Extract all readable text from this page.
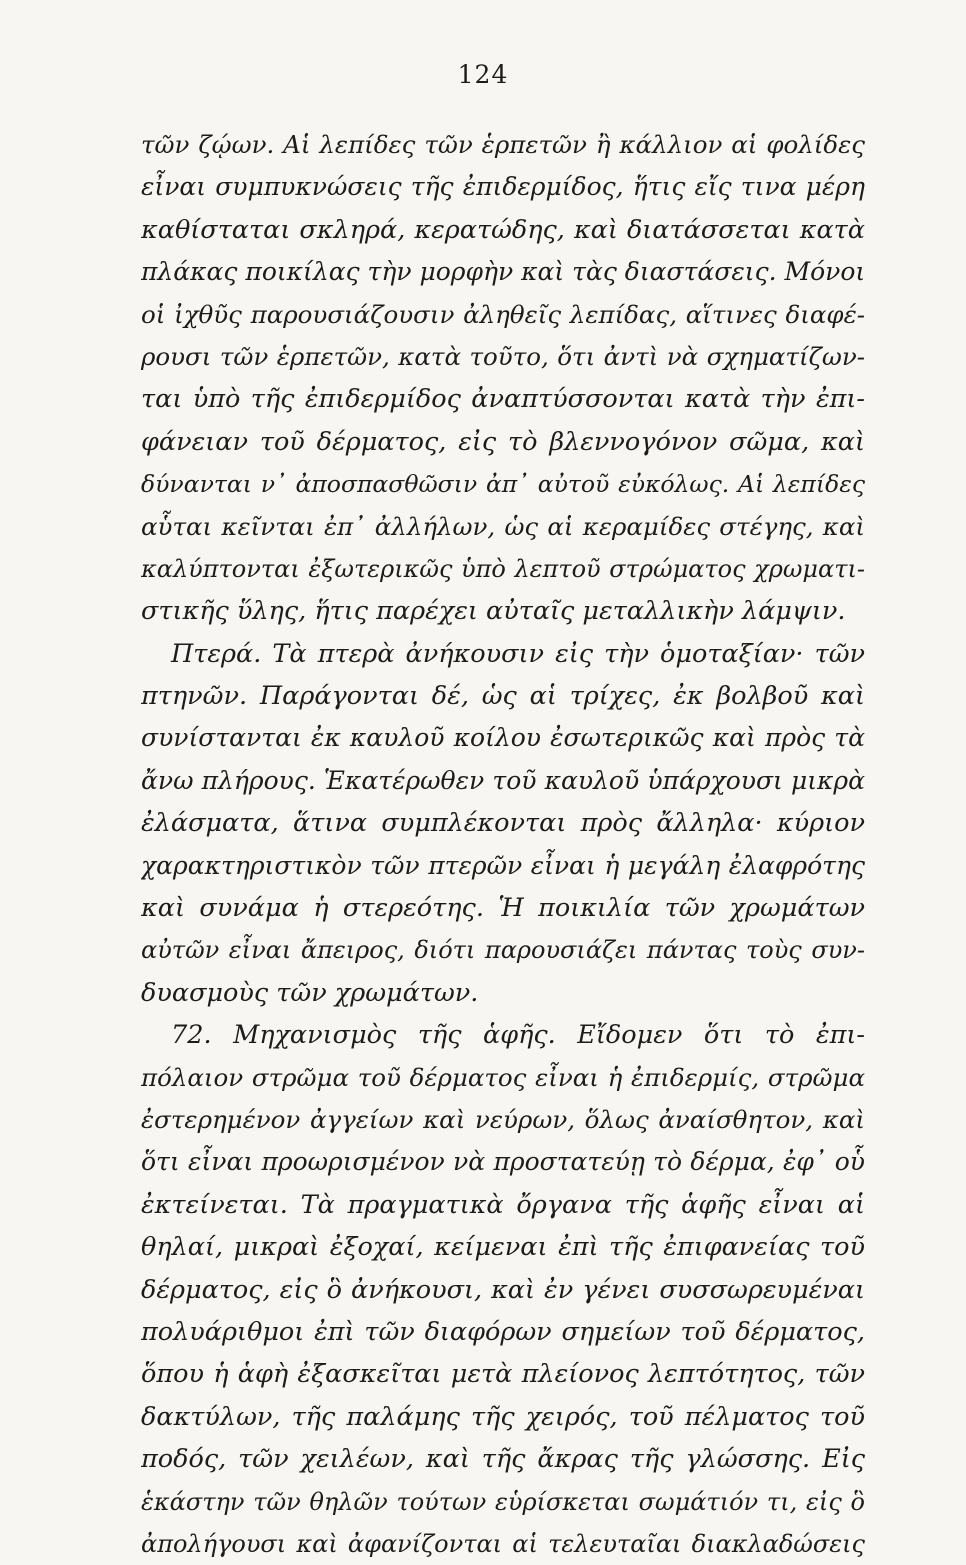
124
τῶν ζῴων. Αἱ λεπίδες τῶν ἑρπετῶν ἢ κάλλιον αἱ φολίδες
εἶναι συμπυκνώσεις τῆς ἐπιδερμίδος, ἥτις εἴς τινα μέρη
καθίσταται σκληρά, κερατώδης, καὶ διατάσσεται κατὰ
πλάκας ποικίλας τὴν μορφὴν καὶ τὰς διαστάσεις. Μόνοι
οἱ ἰχθῦς παρουσιάζουσιν ἀληθεῖς λεπίδας, αἵτινες διαφέ-
ρουσι τῶν ἑρπετῶν, κατὰ τοῦτο, ὅτι ἀντὶ νὰ σχηματίζων-
ται ὑπὸ τῆς ἐπιδερμίδος ἀναπτύσσονται κατὰ τὴν ἐπι-
φάνειαν τοῦ δέρματος, εἰς τὸ βλεννογόνον σῶμα, καὶ
δύνανται ν᾽ ἀποσπασθῶσιν ἀπ᾽ αὐτοῦ εὐκόλως. Αἱ λεπίδες
αὗται κεῖνται ἐπ᾽ ἀλλήλων, ὡς αἱ κεραμίδες στέγης, καὶ
καλύπτονται ἐξωτερικῶς ὑπὸ λεπτοῦ στρώματος χρωματι-
στικῆς ὕλης, ἥτις παρέχει αὐταῖς μεταλλικὴν λάμψιν.
Πτερά. Τὰ πτερὰ ἀνήκουσιν εἰς τὴν ὁμοταξίαν· τῶν
πτηνῶν. Παράγονται δέ, ὡς αἱ τρίχες, ἐκ βολβοῦ καὶ
συνίστανται ἐκ καυλοῦ κοίλου ἐσωτερικῶς καὶ πρὸς τὰ
ἄνω πλήρους. Ἑκατέρωθεν τοῦ καυλοῦ ὑπάρχουσι μικρὰ
ἐλάσματα, ἅτινα συμπλέκονται πρὸς ἄλληλα· κύριον
χαρακτηριστικὸν τῶν πτερῶν εἶναι ἡ μεγάλη ἐλαφρότης
καὶ συνάμα ἡ στερεότης. Ἡ ποικιλία τῶν χρωμάτων
αὐτῶν εἶναι ἄπειρος, διότι παρουσιάζει πάντας τοὺς συν-
δυασμοὺς τῶν χρωμάτων.
72. Μηχανισμὸς τῆς ἁφῆς. Εἴδομεν ὅτι τὸ ἐπι-
πόλαιον στρῶμα τοῦ δέρματος εἶναι ἡ ἐπιδερμίς, στρῶμα
ἐστερημένον ἀγγείων καὶ νεύρων, ὅλως ἀναίσθητον, καὶ
ὅτι εἶναι προωρισμένον νὰ προστατεύῃ τὸ δέρμα, ἐφ᾽ οὗ
ἐκτείνεται. Τὰ πραγματικὰ ὄργανα τῆς ἁφῆς εἶναι αἱ
θηλαί, μικραὶ ἐξοχαί, κείμεναι ἐπὶ τῆς ἐπιφανείας τοῦ
δέρματος, εἰς ὃ ἀνήκουσι, καὶ ἐν γένει συσσωρευμέναι
πολυάριθμοι ἐπὶ τῶν διαφόρων σημείων τοῦ δέρματος,
ὅπου ἡ ἁφὴ ἐξασκεῖται μετὰ πλείονος λεπτότητος, τῶν
δακτύλων, τῆς παλάμης τῆς χειρός, τοῦ πέλματος τοῦ
ποδός, τῶν χειλέων, καὶ τῆς ἄκρας τῆς γλώσσης. Εἰς
ἑκάστην τῶν θηλῶν τούτων εὑρίσκεται σωμάτιόν τι, εἰς ὃ
ἀπολήγουσι καὶ ἀφανίζονται αἱ τελευταῖαι διακλαδώσεις
